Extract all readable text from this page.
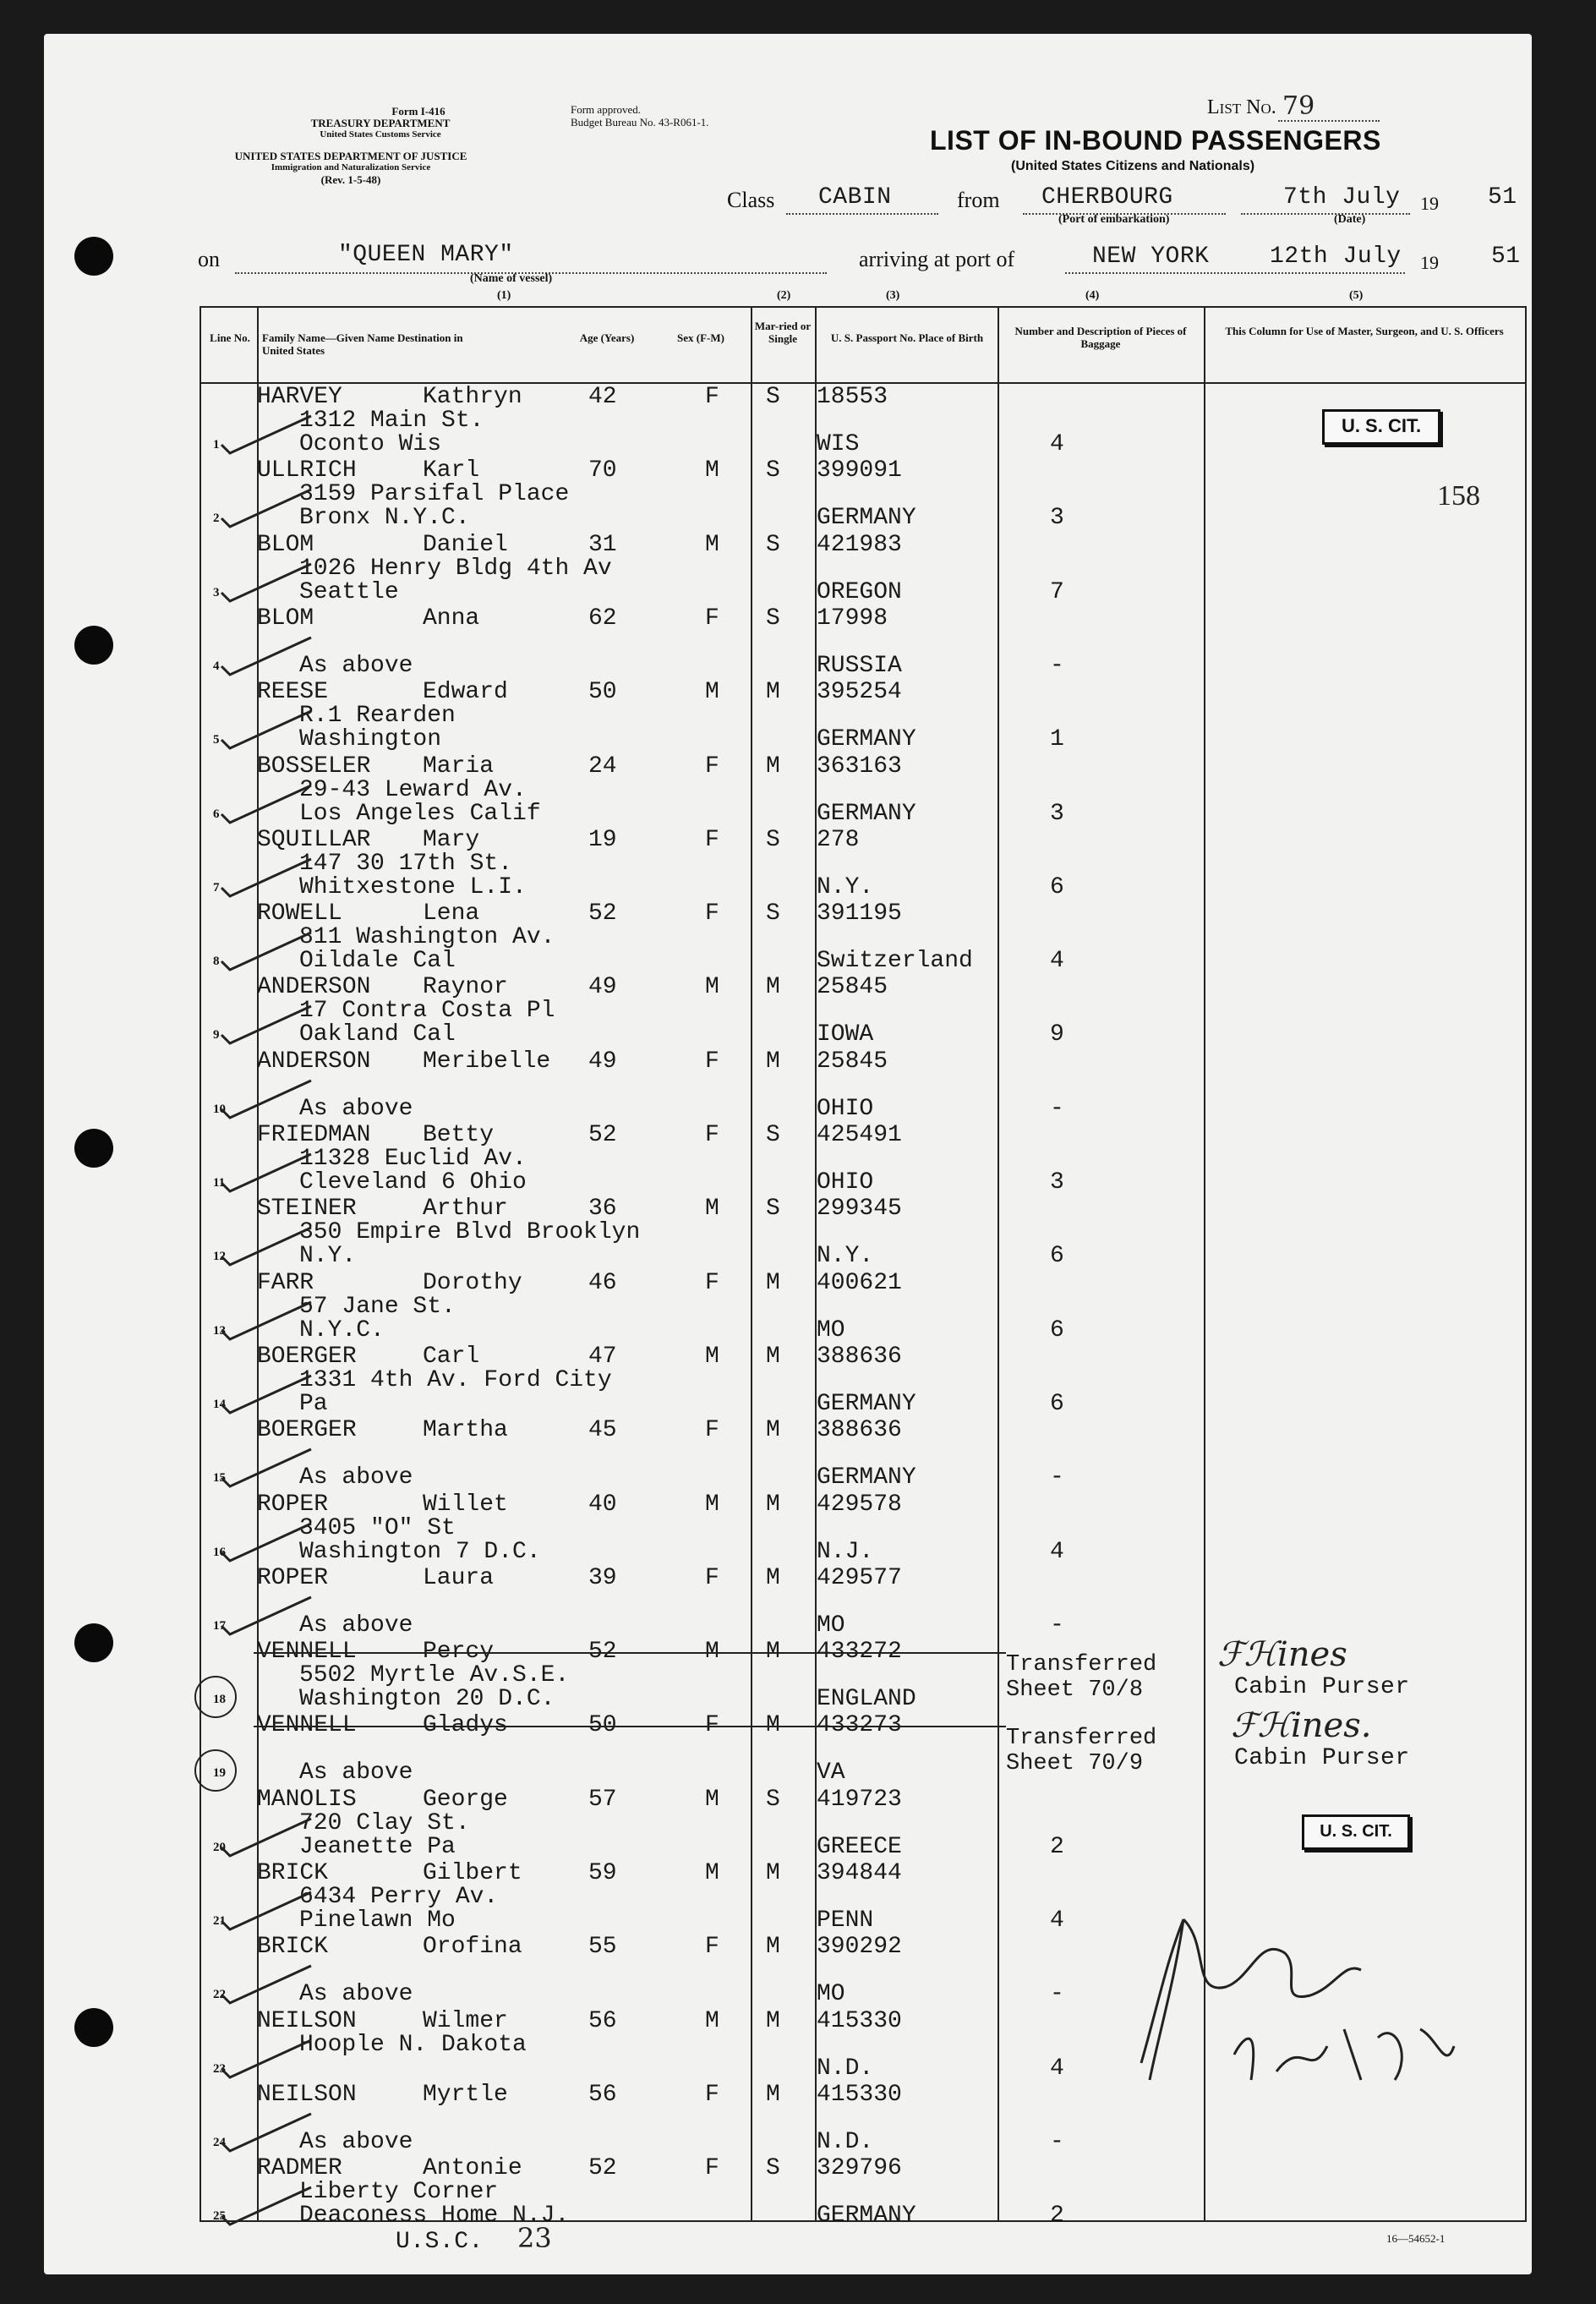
Form I-416
TREASURY DEPARTMENT
United States Customs Service
UNITED STATES DEPARTMENT OF JUSTICE
Immigration and Naturalization Service
(Rev. 1-5-48)
Form approved.
Budget Bureau No. 43-R061-1.
List No. 79
LIST OF IN-BOUND PASSENGERS
(United States Citizens and Nationals)
Class CABIN	from CHERBOURG
(Port of embarkation)
7th July 19 51
(Date)
on	"QUEEN MARY"
(Name of vessel)
arriving at port of	NEW YORK	12th July 19 51
(1)	(2)	(3)	(4)	(5)
Line No.	Family Name—Given Name Destination in United States
Age (Years)	Sex (F-M)
Mar-ried or Single	U. S. Passport No. Place of Birth
Number and Description of Pieces of Baggage
This Column for Use of Master, Surgeon, and U. S. Officers
1
HARVEY	Kathryn
1312 Main St.
Oconto Wis
42	F S 18553
WIS	4
2
ULLRICH	Karl
3159 Parsifal Place
Bronx N.Y.C.
70	M S 399091
GERMANY	3
3
BLOM	Daniel
1026 Henry Bldg 4th Av
Seattle
31	M S 421983
OREGON	7
4
BLOM	Anna
As above
62	F S 17998
RUSSIA	-
5
REESE	Edward
R.1 Rearden
Washington
50	M M 395254
GERMANY	1
6
BOSSELER Maria
29-43 Leward Av.
Los Angeles Calif
24	F M 363163
GERMANY	3
7
SQUILLAR Mary
147 30 17th St.
Whitxestone L.I.
19	F S 278
N.Y.	6
8
ROWELL	Lena
811 Washington Av.
Oildale Cal
52	F S 391195
Switzerland	4
9
ANDERSON Raynor
17 Contra Costa Pl
Oakland Cal
49	M M 25845
IOWA	9
10
ANDERSON Meribelle
As above
49	F M 25845
OHIO	-
11
FRIEDMAN Betty
11328 Euclid Av.
Cleveland 6 Ohio
52	F S 425491
OHIO	3
12
STEINER	Arthur
350 Empire Blvd Brooklyn
N.Y.
36	M S 299345
N.Y.	6
13
FARR	Dorothy
57 Jane St.
N.Y.C.
46	F M 400621
MO	6
14
BOERGER	Carl
1331 4th Av. Ford City
Pa
47	M M 388636
GERMANY	6
15
BOERGER	Martha
As above
45	F M 388636
GERMANY	-
16
ROPER	Willet
3405 "O" St
Washington 7 D.C.
40	M M 429578
N.J.	4
17
ROPER	Laura
As above
39	F M 429577
MO	-
18
VENNELL	Percy
5502 Myrtle Av.S.E.
Washington 20 D.C.
52	M M 433272
ENGLAND
Transferred Sheet 70/8
19
VENNELL	Gladys
As above
50	F M 433273
VA
Transferred Sheet 70/9
20
MANOLIS	George
720 Clay St.
Jeanette Pa
57	M S 419723
GREECE	2
21
BRICK	Gilbert
6434 Perry Av.
Pinelawn Mo
59	M M 394844
PENN	4
22
BRICK	Orofina
As above
55	F M 390292
MO	-
23
NEILSON	Wilmer
Hoople N. Dakota
56	M M 415330
N.D.	4
24
NEILSON	Myrtle
As above
56	F M 415330
N.D.	-
25
RADMER	Antonie
Liberty Corner
Deaconess Home N.J.
52	F S 329796
GERMANY	2
U. S. CIT.
158
U. S. CIT.
ℱℋines
Cabin Purser
ℱℋines.
Cabin Purser
U.S.C. 23	16—54652-1
